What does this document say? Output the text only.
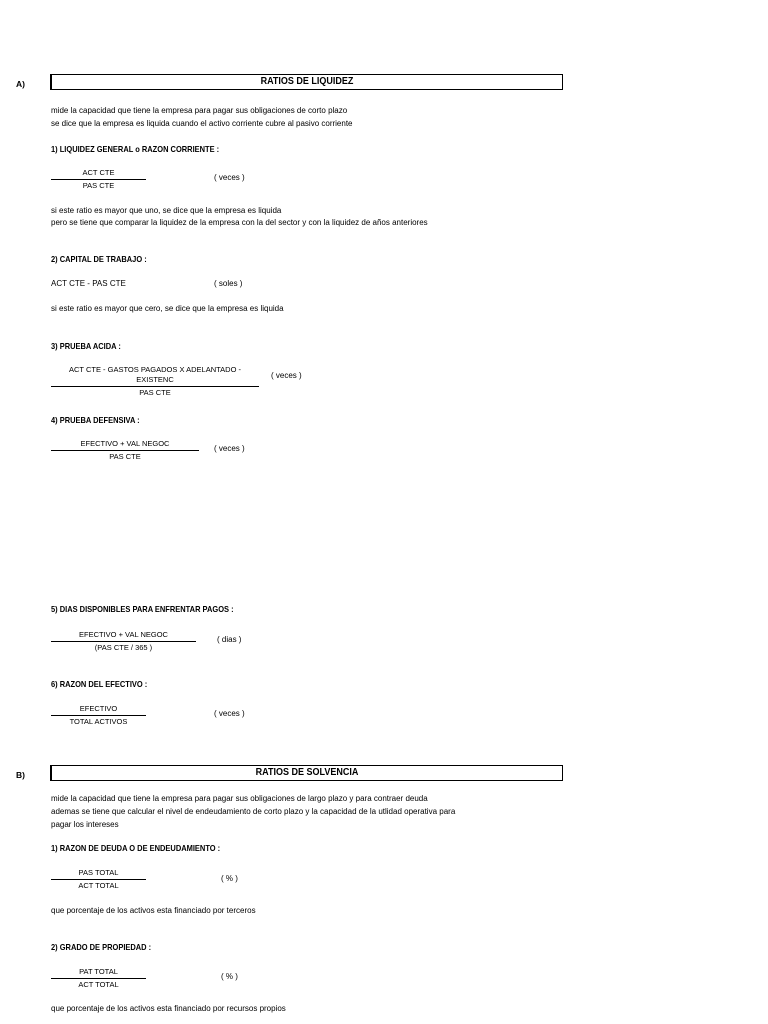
A)	RATIOS DE LIQUIDEZ
mide la capacidad que tiene la empresa para pagar sus obligaciones de corto plazo
se dice que la empresa es liquida cuando el activo corriente cubre al pasivo corriente
1) LIQUIDEZ GENERAL o RAZON CORRIENTE :
ACT CTE
PAS CTE
( veces )
si este ratio es mayor que uno, se dice que la empresa es liquida
pero se tiene que comparar la liquidez de la empresa con la del sector y con la liquidez de años anteriores
2) CAPITAL DE TRABAJO :
ACT CTE - PAS CTE	( soles )
si este ratio es mayor que cero, se dice que la empresa es liquida
3) PRUEBA ACIDA :
ACT CTE - GASTOS PAGADOS X ADELANTADO - EXISTENC
PAS CTE
( veces )
4) PRUEBA DEFENSIVA :
EFECTIVO + VAL NEGOC
PAS CTE
( veces )
5) DIAS DISPONIBLES PARA ENFRENTAR PAGOS :
EFECTIVO + VAL NEGOC
(PAS CTE / 365 )
( dias )
6) RAZON DEL EFECTIVO :
EFECTIVO
TOTAL ACTIVOS
( veces )
B)	RATIOS DE SOLVENCIA
mide la capacidad que tiene la empresa para pagar sus obligaciones de largo plazo y para contraer deuda
ademas se tiene que calcular el nivel de endeudamiento de corto plazo y la capacidad de la utlidad operativa para
pagar los intereses
1) RAZON DE DEUDA O DE ENDEUDAMIENTO :
PAS TOTAL
ACT TOTAL
( % )
que porcentaje de los activos esta financiado por terceros
2) GRADO DE PROPIEDAD :
PAT TOTAL
ACT TOTAL
( % )
que porcentaje de los activos esta financiado por recursos propios
